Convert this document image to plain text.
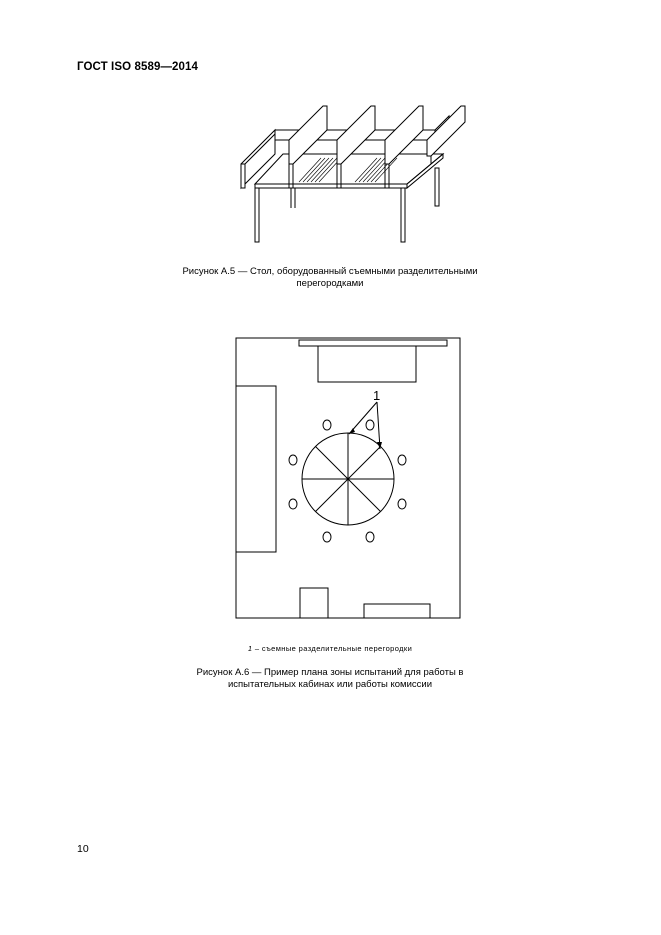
ГОСТ ISO 8589—2014
Рисунок А.5 — Стол, оборудованный съемными разделительными
перегородками
1
1 – съемные разделительные перегородки
Рисунок А.6 — Пример плана зоны испытаний для работы в
испытательных кабинах или работы комиссии
10
